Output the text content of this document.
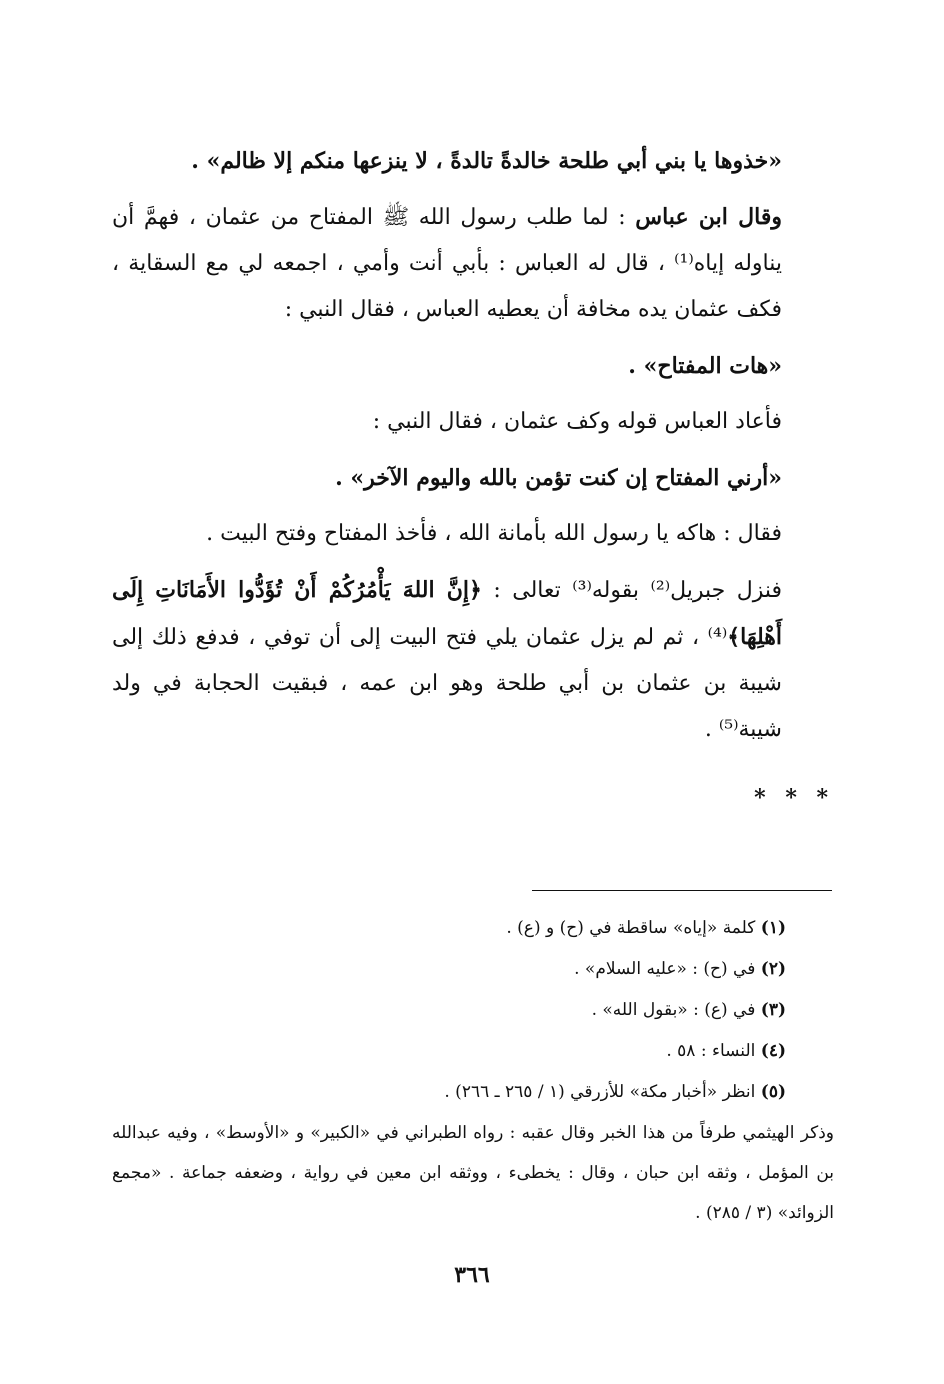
«خذوها يا بني أبي طلحة خالدةً تالدةً ، لا ينزعها منكم إلا ظالم» .

وقال ابن عباس : لما طلب رسول الله ﷺ المفتاح من عثمان ، فهمَّ أن يناوله إياه⁽¹⁾ ، قال له العباس : بأبي أنت وأمي ، اجمعه لي مع السقاية ، فكف عثمان يده مخافة أن يعطيه العباس ، فقال النبي :

«هات المفتاح» .

فأعاد العباس قوله وكف عثمان ، فقال النبي :

«أرني المفتاح إن كنت تؤمن بالله واليوم الآخر» .

فقال : هاكه يا رسول الله بأمانة الله ، فأخذ المفتاح وفتح البيت .

فنزل جبريل⁽²⁾ بقوله⁽³⁾ تعالى : ﴿إِنَّ اللهَ يَأْمُرُكُمْ أَنْ تُؤَدُّوا الأَمَانَاتِ إِلَى أَهْلِهَا﴾⁽⁴⁾ ، ثم لم يزل عثمان يلي فتح البيت إلى أن توفي ، فدفع ذلك إلى شيبة بن عثمان بن أبي طلحة وهو ابن عمه ، فبقيت الحجابة في ولد شيبة⁽⁵⁾ .

* * *

(١) كلمة «إياه» ساقطة في (ح) و (ع) .

(٢) في (ح) : «عليه السلام» .

(٣) في (ع) : «بقول الله» .

(٤) النساء : ٥٨ .

(٥) انظر «أخبار مكة» للأزرقي (١ / ٢٦٥ ـ ٢٦٦) .

وذكر الهيثمي طرفاً من هذا الخبر وقال عقبه : رواه الطبراني في «الكبير» و «الأوسط» ، وفيه عبدالله بن المؤمل ، وثقه ابن حبان ، وقال : يخطىء ، ووثقه ابن معين في رواية ، وضعفه جماعة . «مجمع الزوائد» (٣ / ٢٨٥) .

٣٦٦
